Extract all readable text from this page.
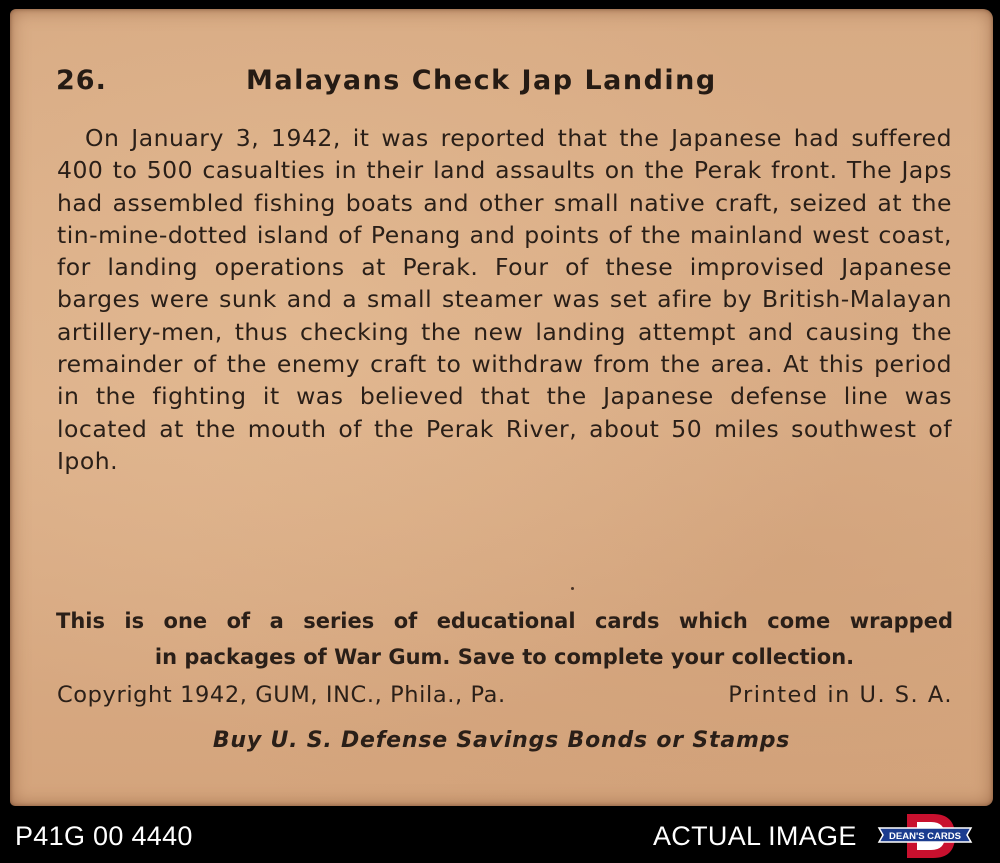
26.	Malayans Check Jap Landing

On January 3, 1942, it was reported that the Japanese had suffered 400 to 500 casualties in their land assaults on the Perak front. The Japs had assembled fishing boats and other small native craft, seized at the tin-mine-dotted island of Penang and points of the mainland west coast, for landing operations at Perak. Four of these improvised Japanese barges were sunk and a small steamer was set afire by British-Malayan artillery-men, thus checking the new landing attempt and causing the remainder of the enemy craft to withdraw from the area. At this period in the fighting it was believed that the Japanese defense line was located at the mouth of the Perak River, about 50 miles southwest of Ipoh.

This is one of a series of educational cards which come wrapped
in packages of War Gum. Save to complete your collection.
Copyright 1942, GUM, INC., Phila., Pa.	Printed in U. S. A.
Buy U. S. Defense Savings Bonds or Stamps
P41G 00 4440	ACTUAL IMAGE	DEAN'S CARDS
